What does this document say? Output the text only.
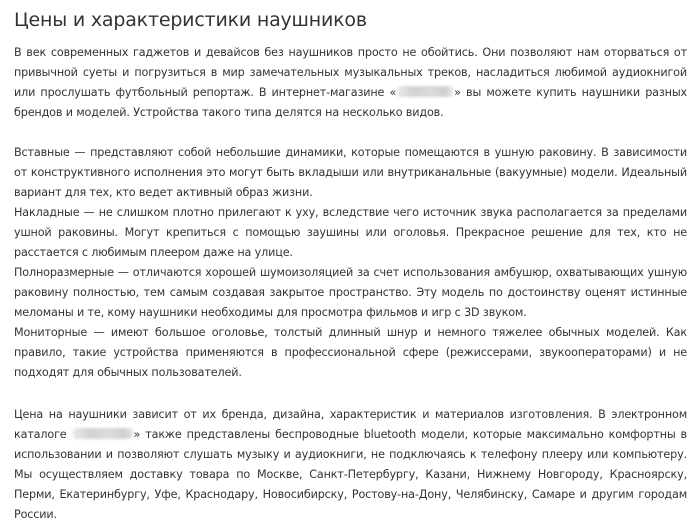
Цены и характеристики наушников

В век современных гаджетов и девайсов без наушников просто не обойтись. Они позволяют нам оторваться от привычной суеты и погрузиться в мир замечательных музыкальных треков, насладиться любимой аудиокнигой или прослушать футбольный репортаж. В интернет-магазине «	» вы можете купить наушники разных брендов и моделей. Устройства такого типа делятся на несколько видов.

Вставные — представляют собой небольшие динамики, которые помещаются в ушную раковину. В зависимости от конструктивного исполнения это могут быть вкладыши или внутриканальные (вакуумные) модели. Идеальный вариант для тех, кто ведет активный образ жизни.
Накладные — не слишком плотно прилегают к уху, вследствие чего источник звука располагается за пределами ушной раковины. Могут крепиться с помощью заушины или оголовья. Прекрасное решение для тех, кто не расстается с любимым плеером даже на улице.
Полноразмерные — отличаются хорошей шумоизоляцией за счет использования амбушюр, охватывающих ушную раковину полностью, тем самым создавая закрытое пространство. Эту модель по достоинству оценят истинные меломаны и те, кому наушники необходимы для просмотра фильмов и игр с 3D звуком.
Мониторные — имеют большое оголовье, толстый длинный шнур и немного тяжелее обычных моделей. Как правило, такие устройства применяются в профессиональной сфере (режиссерами, звукооператорами) и не подходят для обычных пользователей.

Цена на наушники зависит от их бренда, дизайна, характеристик и материалов изготовления. В электронном каталоге	» также представлены беспроводные bluetooth модели, которые максимально комфортны в использовании и позволяют слушать музыку и аудиокниги, не подключаясь к телефону плееру или компьютеру. Мы осуществляем доставку товара по Москве, Санкт-Петербургу, Казани, Нижнему Новгороду, Красноярску, Перми, Екатеринбургу, Уфе, Краснодару, Новосибирску, Ростову-на-Дону, Челябинску, Самаре и другим городам России.
